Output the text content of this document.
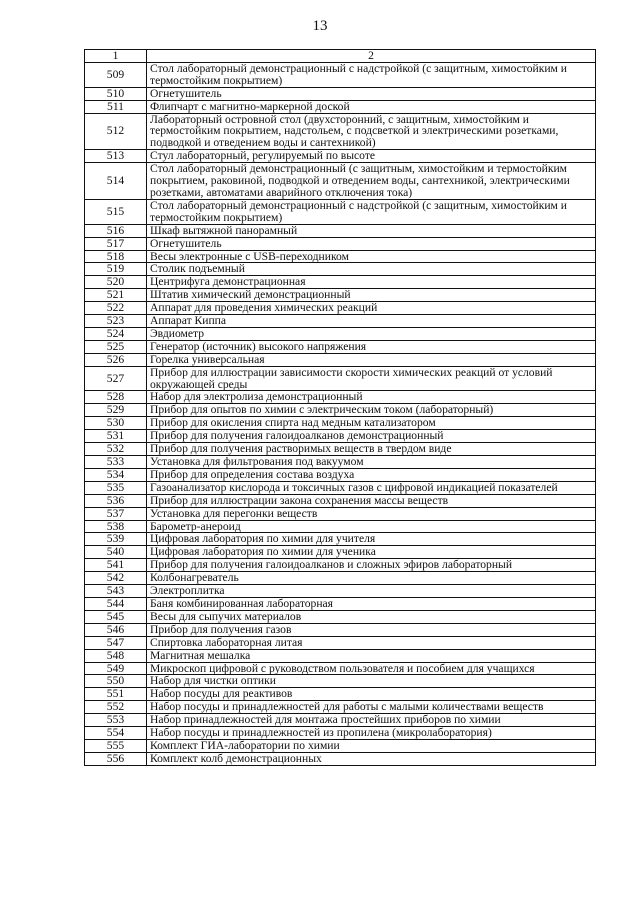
13
1	2
509	Стол лабораторный демонстрационный с надстройкой (с защитным, химостойким и термостойким покрытием)
510	Огнетушитель
511	Флипчарт с магнитно-маркерной доской
512	Лабораторный островной стол (двухсторонний, с защитным, химостойким и термостойким покрытием, надстольем, с подсветкой и электрическими розетками, подводкой и отведением воды и сантехникой)
513	Стул лабораторный, регулируемый по высоте
514	Стол лабораторный демонстрационный (с защитным, химостойким и термостойким покрытием, раковиной, подводкой и отведением воды, сантехникой, электрическими розетками, автоматами аварийного отключения тока)
515	Стол лабораторный демонстрационный с надстройкой (с защитным, химостойким и термостойким покрытием)
516	Шкаф вытяжной панорамный
517	Огнетушитель
518	Весы электронные с USB-переходником
519	Столик подъемный
520	Центрифуга демонстрационная
521	Штатив химический демонстрационный
522	Аппарат для проведения химических реакций
523	Аппарат Киппа
524	Эвдиометр
525	Генератор (источник) высокого напряжения
526	Горелка универсальная
527	Прибор для иллюстрации зависимости скорости химических реакций от условий окружающей среды
528	Набор для электролиза демонстрационный
529	Прибор для опытов по химии с электрическим током (лабораторный)
530	Прибор для окисления спирта над медным катализатором
531	Прибор для получения галоидоалканов демонстрационный
532	Прибор для получения растворимых веществ в твердом виде
533	Установка для фильтрования под вакуумом
534	Прибор для определения состава воздуха
535	Газоанализатор кислорода и токсичных газов с цифровой индикацией показателей
536	Прибор для иллюстрации закона сохранения массы веществ
537	Установка для перегонки веществ
538	Барометр-анероид
539	Цифровая лаборатория по химии для учителя
540	Цифровая лаборатория по химии для ученика
541	Прибор для получения галоидоалканов и сложных эфиров лабораторный
542	Колбонагреватель
543	Электроплитка
544	Баня комбинированная лабораторная
545	Весы для сыпучих материалов
546	Прибор для получения газов
547	Спиртовка лабораторная литая
548	Магнитная мешалка
549	Микроскоп цифровой с руководством пользователя и пособием для учащихся
550	Набор для чистки оптики
551	Набор посуды для реактивов
552	Набор посуды и принадлежностей для работы с малыми количествами веществ
553	Набор принадлежностей для монтажа простейших приборов по химии
554	Набор посуды и принадлежностей из пропилена (микролаборатория)
555	Комплект ГИА-лаборатории по химии
556	Комплект колб демонстрационных
